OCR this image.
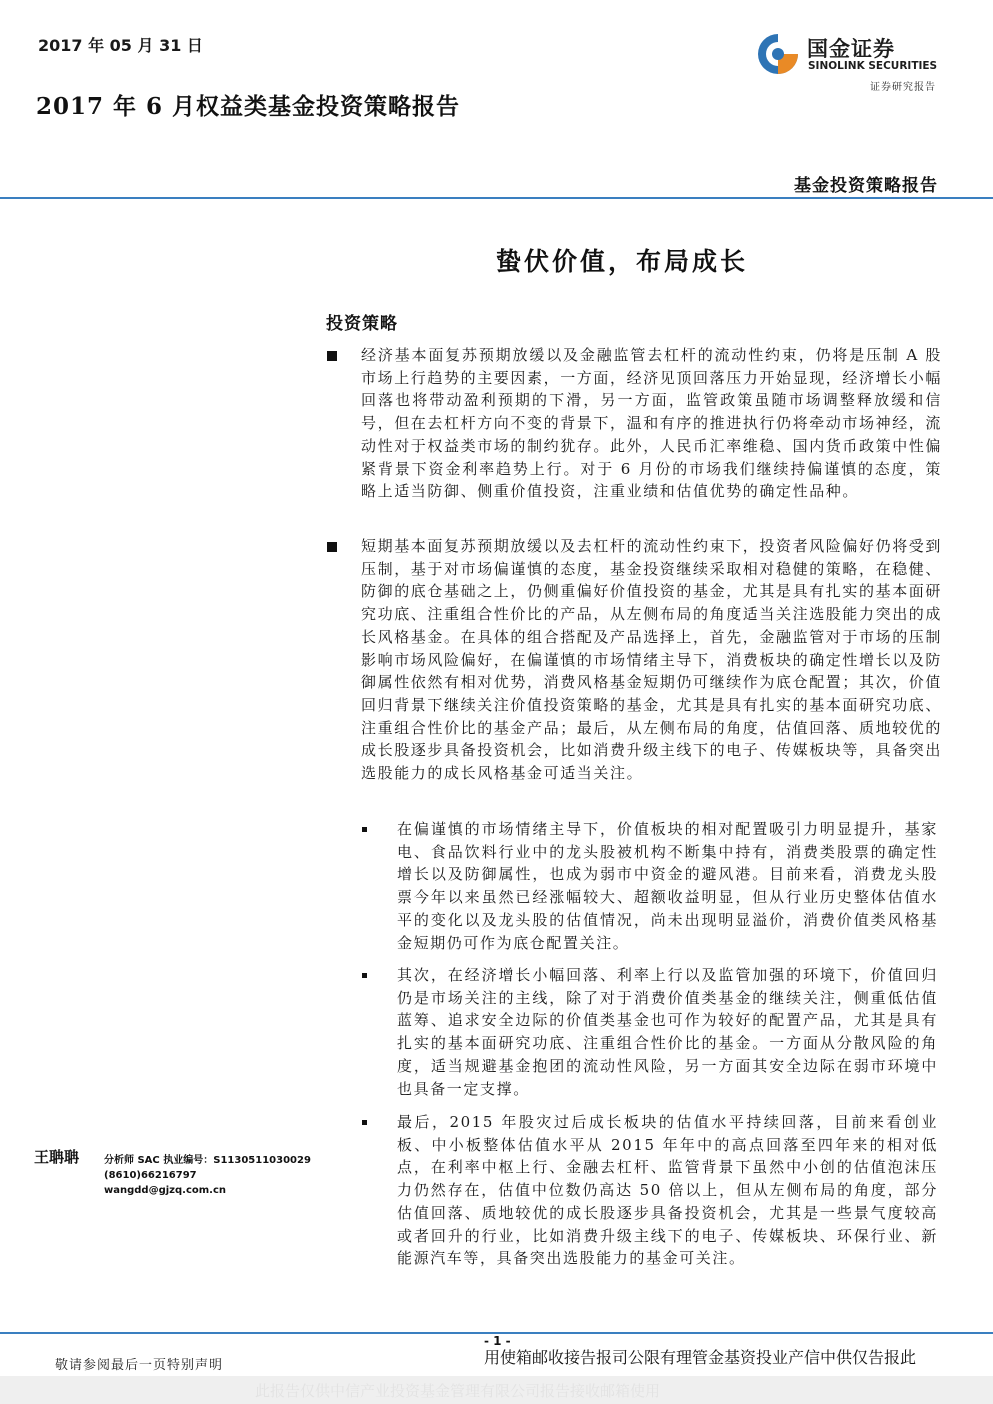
2017 年 05 月 31 日
2017 年 6 月权益类基金投资策略报告
国金证券
SINOLINK SECURITIES
证券研究报告
基金投资策略报告
蛰伏价值，布局成长
投资策略
经济基本面复苏预期放缓以及金融监管去杠杆的流动性约束，仍将是压制 A 股市场上行趋势的主要因素，一方面，经济见顶回落压力开始显现，经济增长小幅回落也将带动盈利预期的下滑，另一方面，监管政策虽随市场调整释放缓和信号，但在去杠杆方向不变的背景下，温和有序的推进执行仍将牵动市场神经，流动性对于权益类市场的制约犹存。此外，人民币汇率维稳、国内货币政策中性偏紧背景下资金利率趋势上行。对于 6 月份的市场我们继续持偏谨慎的态度，策略上适当防御、侧重价值投资，注重业绩和估值优势的确定性品种。
短期基本面复苏预期放缓以及去杠杆的流动性约束下，投资者风险偏好仍将受到压制，基于对市场偏谨慎的态度，基金投资继续采取相对稳健的策略，在稳健、防御的底仓基础之上，仍侧重偏好价值投资的基金，尤其是具有扎实的基本面研究功底、注重组合性价比的产品，从左侧布局的角度适当关注选股能力突出的成长风格基金。在具体的组合搭配及产品选择上，首先，金融监管对于市场的压制影响市场风险偏好，在偏谨慎的市场情绪主导下，消费板块的确定性增长以及防御属性依然有相对优势，消费风格基金短期仍可继续作为底仓配置；其次，价值回归背景下继续关注价值投资策略的基金，尤其是具有扎实的基本面研究功底、注重组合性价比的基金产品；最后，从左侧布局的角度，估值回落、质地较优的成长股逐步具备投资机会，比如消费升级主线下的电子、传媒板块等，具备突出选股能力的成长风格基金可适当关注。
在偏谨慎的市场情绪主导下，价值板块的相对配置吸引力明显提升，基家电、食品饮料行业中的龙头股被机构不断集中持有，消费类股票的确定性增长以及防御属性，也成为弱市中资金的避风港。目前来看，消费龙头股票今年以来虽然已经涨幅较大、超额收益明显，但从行业历史整体估值水平的变化以及龙头股的估值情况，尚未出现明显溢价，消费价值类风格基金短期仍可作为底仓配置关注。
其次，在经济增长小幅回落、利率上行以及监管加强的环境下，价值回归仍是市场关注的主线，除了对于消费价值类基金的继续关注，侧重低估值蓝筹、追求安全边际的价值类基金也可作为较好的配置产品，尤其是具有扎实的基本面研究功底、注重组合性价比的基金。一方面从分散风险的角度，适当规避基金抱团的流动性风险，另一方面其安全边际在弱市环境中也具备一定支撑。
最后，2015 年股灾过后成长板块的估值水平持续回落，目前来看创业板、中小板整体估值水平从 2015 年年中的高点回落至四年来的相对低点，在利率中枢上行、金融去杠杆、监管背景下虽然中小创的估值泡沫压力仍然存在，估值中位数仍高达 50 倍以上，但从左侧布局的角度，部分估值回落、质地较优的成长股逐步具备投资机会，尤其是一些景气度较高或者回升的行业，比如消费升级主线下的电子、传媒板块、环保行业、新能源汽车等，具备突出选股能力的基金可关注。
王聃聃 分析师 SAC 执业编号：S1130511030029
(8610)66216797
wangdd@gjzq.com.cn
- 1 -
敬请参阅最后一页特别声明	用使箱邮收接告报司公限有理管金基资投业产信中供仅告报此
此报告仅供中信产业投资基金管理有限公司报告接收邮箱使用
